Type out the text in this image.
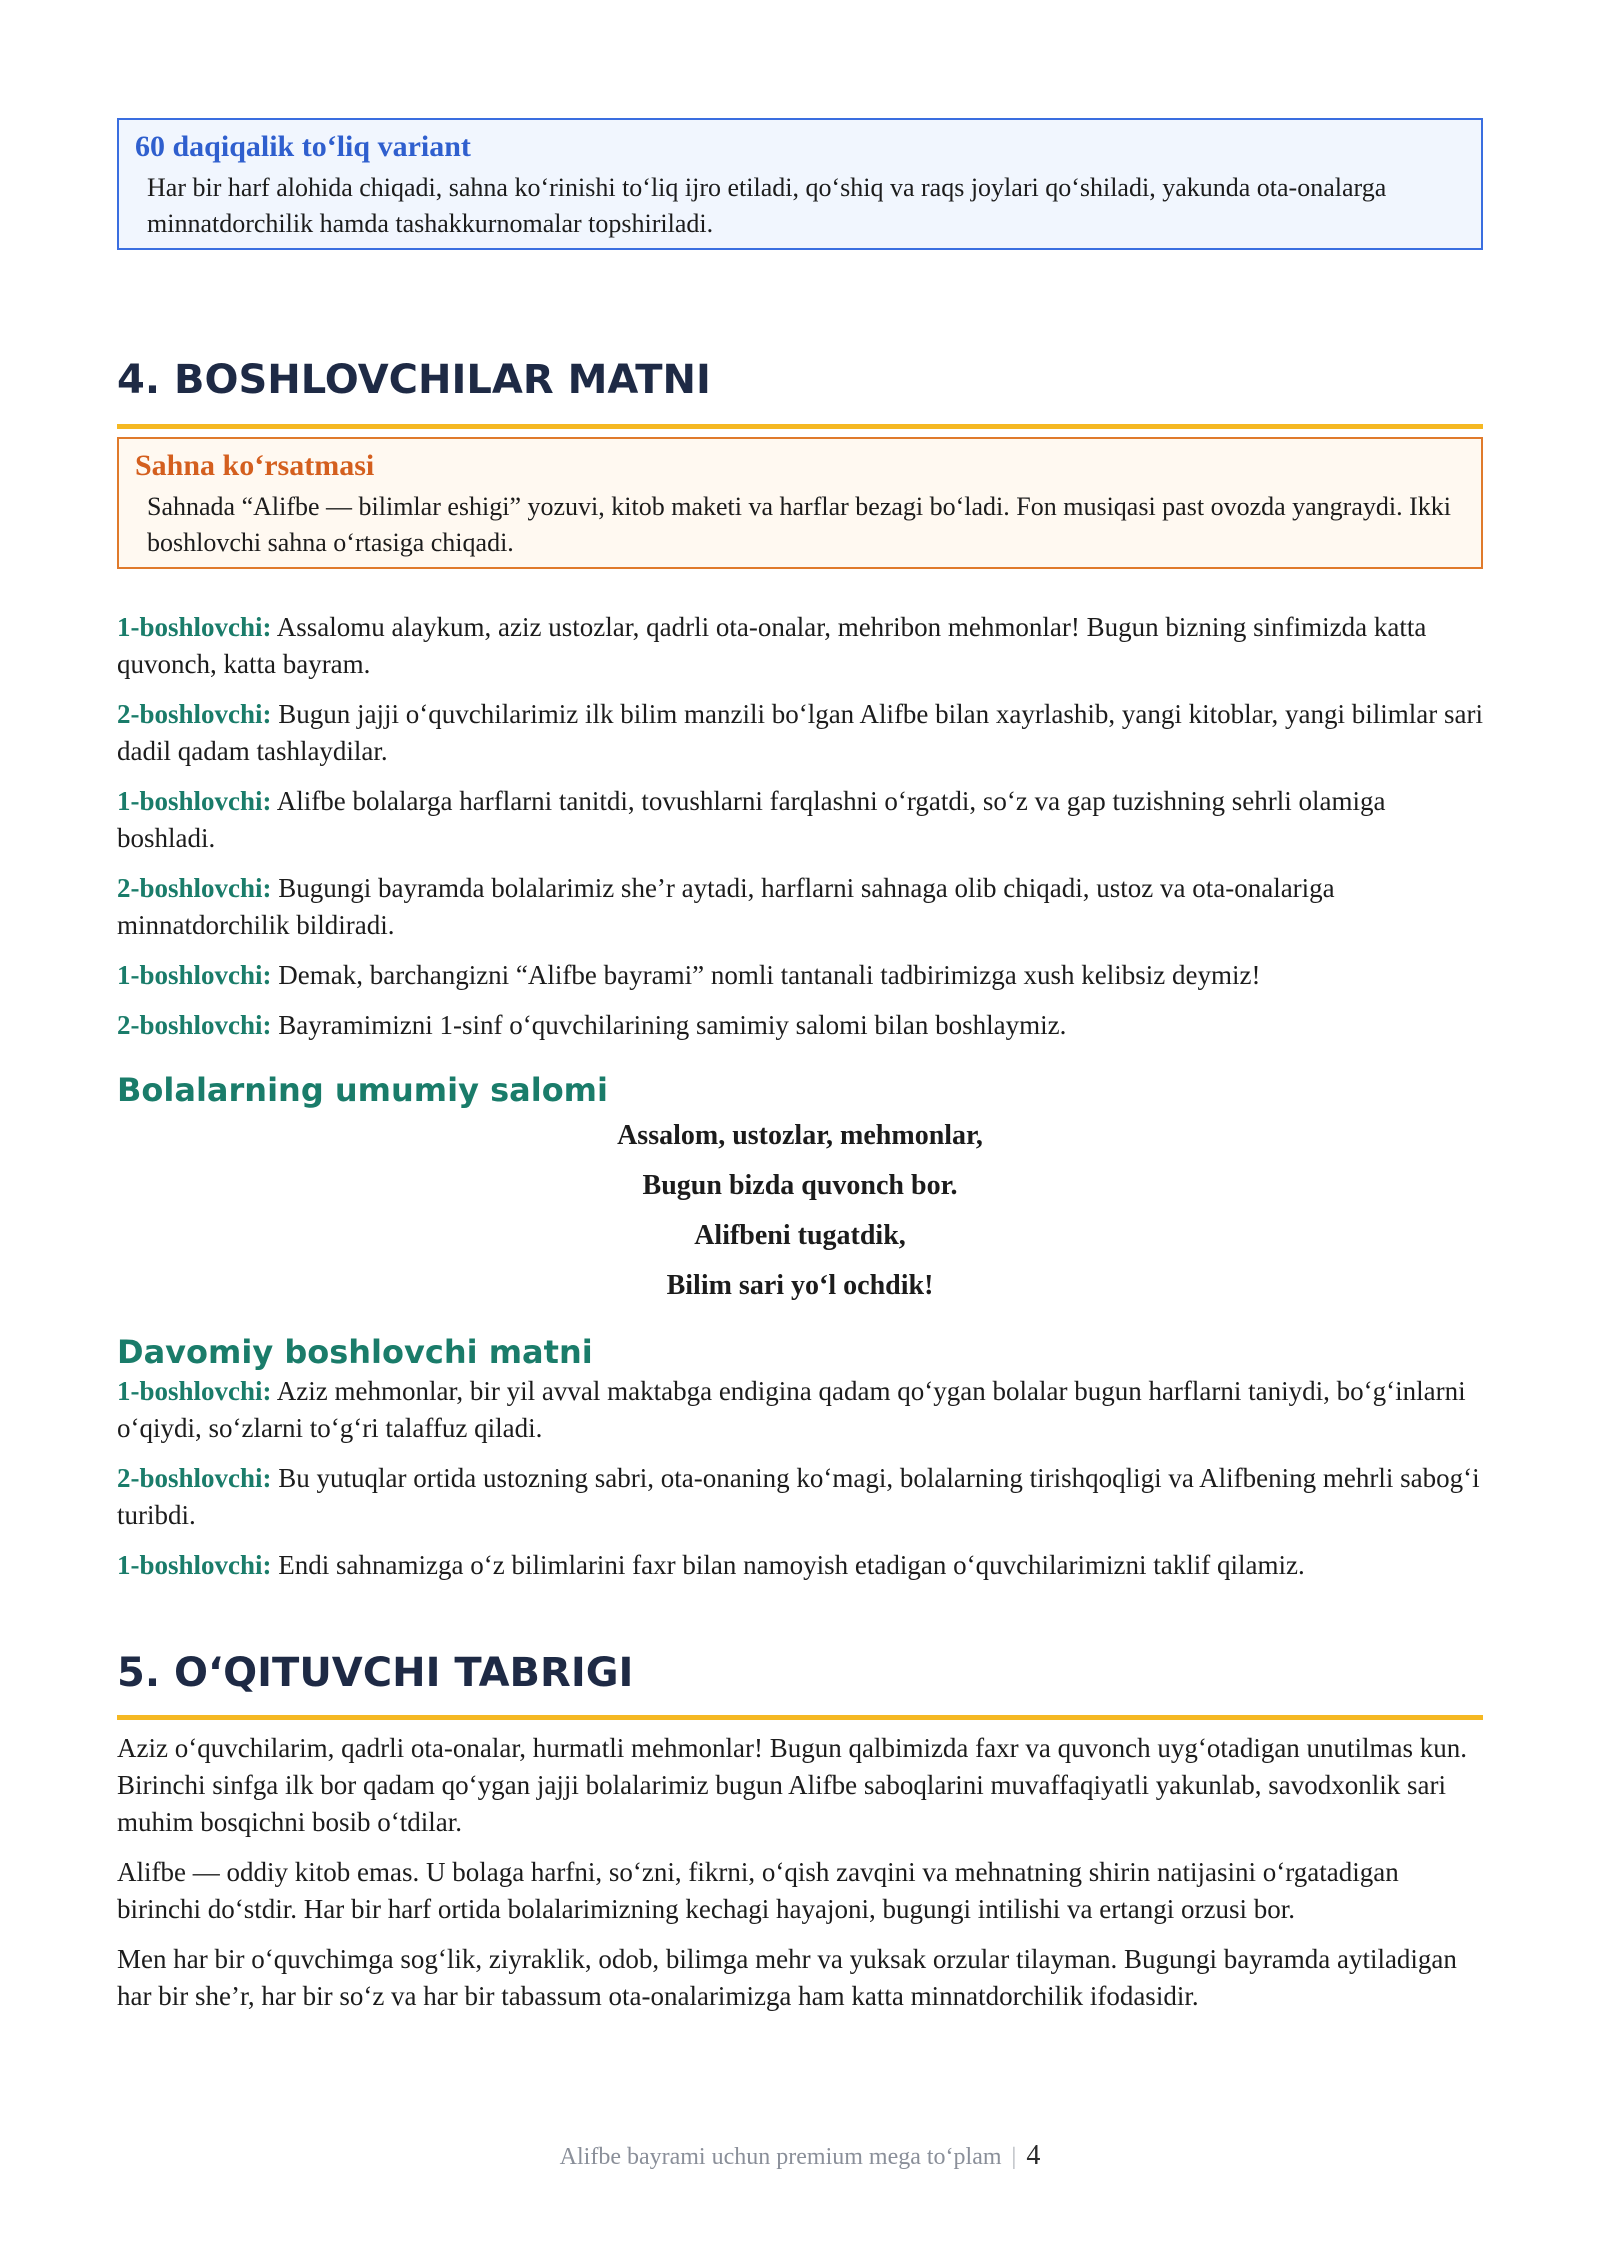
60 daqiqalik to‘liq variant
Har bir harf alohida chiqadi, sahna ko‘rinishi to‘liq ijro etiladi, qo‘shiq va raqs joylari qo‘shiladi, yakunda ota-onalarga minnatdorchilik hamda tashakkurnomalar topshiriladi.
4. BOSHLOVCHILAR MATNI
Sahna ko‘rsatmasi
Sahnada “Alifbe — bilimlar eshigi” yozuvi, kitob maketi va harflar bezagi bo‘ladi. Fon musiqasi past ovozda yangraydi. Ikki boshlovchi sahna o‘rtasiga chiqadi.
1-boshlovchi: Assalomu alaykum, aziz ustozlar, qadrli ota-onalar, mehribon mehmonlar! Bugun bizning sinfimizda katta quvonch, katta bayram.
2-boshlovchi: Bugun jajji o‘quvchilarimiz ilk bilim manzili bo‘lgan Alifbe bilan xayrlashib, yangi kitoblar, yangi bilimlar sari dadil qadam tashlaydilar.
1-boshlovchi: Alifbe bolalarga harflarni tanitdi, tovushlarni farqlashni o‘rgatdi, so‘z va gap tuzishning sehrli olamiga boshladi.
2-boshlovchi: Bugungi bayramda bolalarimiz she’r aytadi, harflarni sahnaga olib chiqadi, ustoz va ota-onalariga minnatdorchilik bildiradi.
1-boshlovchi: Demak, barchangizni “Alifbe bayrami” nomli tantanali tadbirimizga xush kelibsiz deymiz!
2-boshlovchi: Bayramimizni 1-sinf o‘quvchilarining samimiy salomi bilan boshlaymiz.
Bolalarning umumiy salomi
Assalom, ustozlar, mehmonlar,
Bugun bizda quvonch bor.
Alifbeni tugatdik,
Bilim sari yo‘l ochdik!
Davomiy boshlovchi matni
1-boshlovchi: Aziz mehmonlar, bir yil avval maktabga endigina qadam qo‘ygan bolalar bugun harflarni taniydi, bo‘g‘inlarni o‘qiydi, so‘zlarni to‘g‘ri talaffuz qiladi.
2-boshlovchi: Bu yutuqlar ortida ustozning sabri, ota-onaning ko‘magi, bolalarning tirishqoqligi va Alifbening mehrli sabog‘i turibdi.
1-boshlovchi: Endi sahnamizga o‘z bilimlarini faxr bilan namoyish etadigan o‘quvchilarimizni taklif qilamiz.
5. O‘QITUVCHI TABRIGI
Aziz o‘quvchilarim, qadrli ota-onalar, hurmatli mehmonlar! Bugun qalbimizda faxr va quvonch uyg‘otadigan unutilmas kun. Birinchi sinfga ilk bor qadam qo‘ygan jajji bolalarimiz bugun Alifbe saboqlarini muvaffaqiyatli yakunlab, savodxonlik sari muhim bosqichni bosib o‘tdilar.
Alifbe — oddiy kitob emas. U bolaga harfni, so‘zni, fikrni, o‘qish zavqini va mehnatning shirin natijasini o‘rgatadigan birinchi do‘stdir. Har bir harf ortida bolalarimizning kechagi hayajoni, bugungi intilishi va ertangi orzusi bor.
Men har bir o‘quvchimga sog‘lik, ziyraklik, odob, bilimga mehr va yuksak orzular tilayman. Bugungi bayramda aytiladigan har bir she’r, har bir so‘z va har bir tabassum ota-onalarimizga ham katta minnatdorchilik ifodasidir.
Alifbe bayrami uchun premium mega to‘plam | 4
